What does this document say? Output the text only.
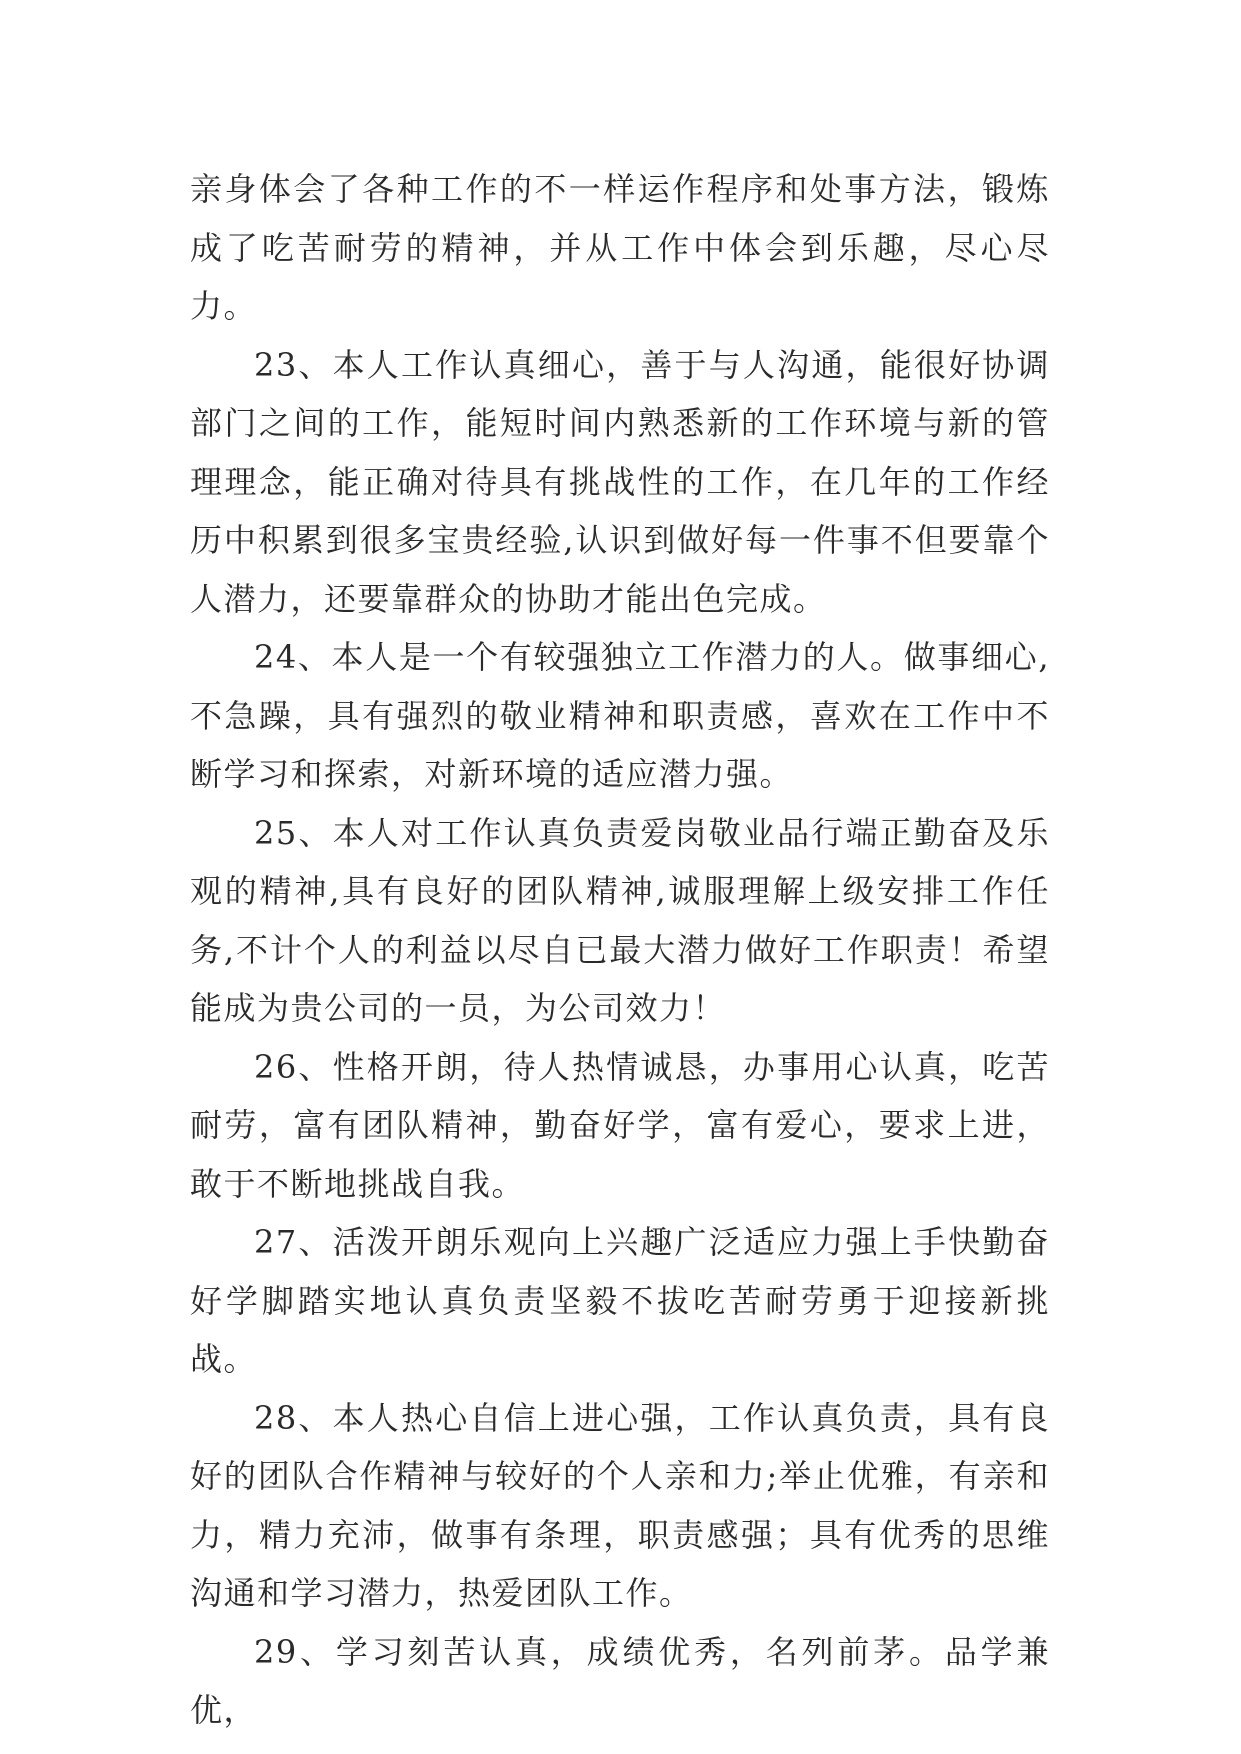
亲身体会了各种工作的不一样运作程序和处事方法，锻炼成了吃苦耐劳的精神，并从工作中体会到乐趣，尽心尽力。

23、本人工作认真细心，善于与人沟通，能很好协调部门之间的工作，能短时间内熟悉新的工作环境与新的管理理念，能正确对待具有挑战性的工作，在几年的工作经历中积累到很多宝贵经验,认识到做好每一件事不但要靠个人潜力，还要靠群众的协助才能出色完成。

24、本人是一个有较强独立工作潜力的人。做事细心,不急躁，具有强烈的敬业精神和职责感，喜欢在工作中不断学习和探索，对新环境的适应潜力强。

25、本人对工作认真负责爱岗敬业品行端正勤奋及乐观的精神,具有良好的团队精神,诚服理解上级安排工作任务,不计个人的利益以尽自已最大潜力做好工作职责！希望能成为贵公司的一员，为公司效力！

26、性格开朗，待人热情诚恳，办事用心认真，吃苦耐劳，富有团队精神，勤奋好学，富有爱心，要求上进，敢于不断地挑战自我。

27、活泼开朗乐观向上兴趣广泛适应力强上手快勤奋好学脚踏实地认真负责坚毅不拔吃苦耐劳勇于迎接新挑战。

28、本人热心自信上进心强，工作认真负责，具有良好的团队合作精神与较好的个人亲和力;举止优雅，有亲和力，精力充沛，做事有条理，职责感强；具有优秀的思维沟通和学习潜力，热爱团队工作。

29、学习刻苦认真，成绩优秀，名列前茅。品学兼优，
